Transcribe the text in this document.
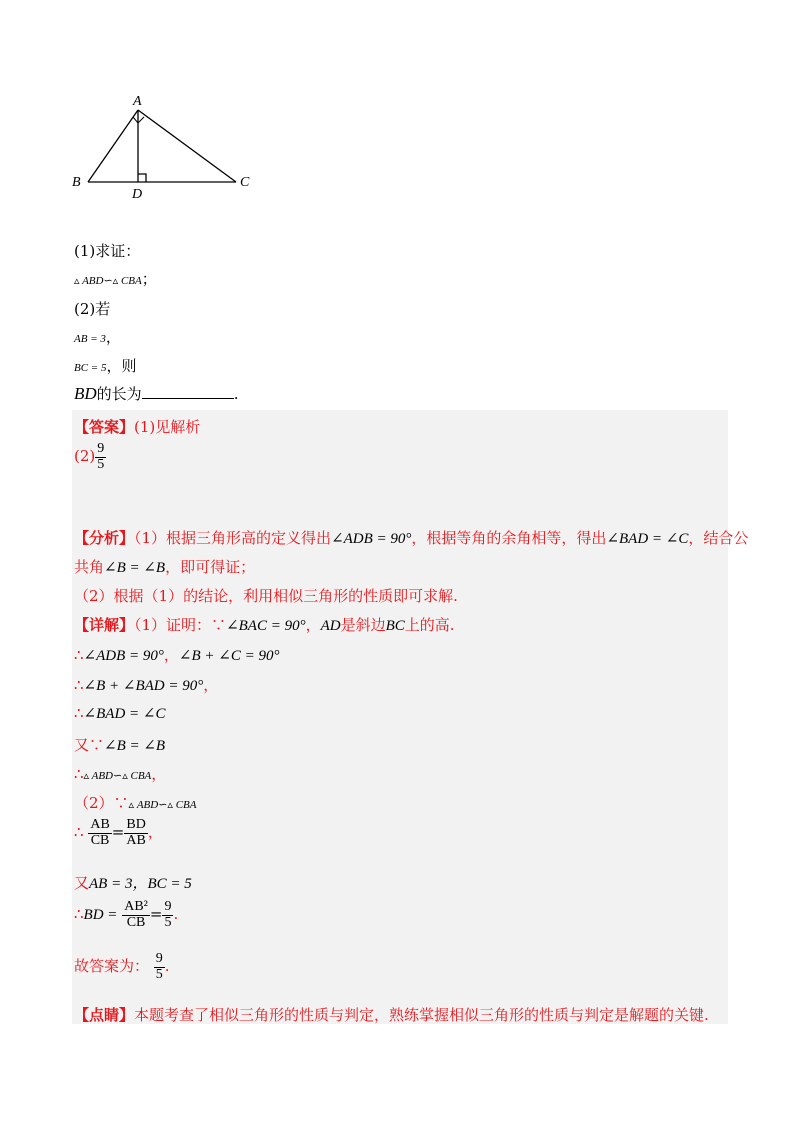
A
B	C
D
(1)求证：
▵ ABD∽▵ CBA；
(2)若
AB = 3，
BC = 5，则
BD的长为	.
【答案】(1)见解析
$(2) \frac{9}{5}$
【分析】（1）根据三角形高的定义得出∠ADB = 90°，根据等角的余角相等，得出∠BAD = ∠C，结合公
共角∠B = ∠B，即可得证；
（2）根据（1）的结论，利用相似三角形的性质即可求解.
【详解】（1）证明：∵∠BAC = 90°，AD是斜边BC上的高.
∴∠ADB = 90°，∠B + ∠C = 90°
∴∠B + ∠BAD = 90°，
∴∠BAD = ∠C
又∵∠B = ∠B
∴▵ ABD∽▵ CBA，
（2）∵▵ ABD∽▵ CBA
∴ $\frac{AB}{CB} = \frac{BD}{AB}$ ，
又AB = 3，BC = 5
∴BD = $\frac{\text{AB²}}{CB} = \frac{9}{5}$ .
故答案为： $\frac{9}{5}$ .
【点睛】本题考查了相似三角形的性质与判定，熟练掌握相似三角形的性质与判定是解题的关键.
